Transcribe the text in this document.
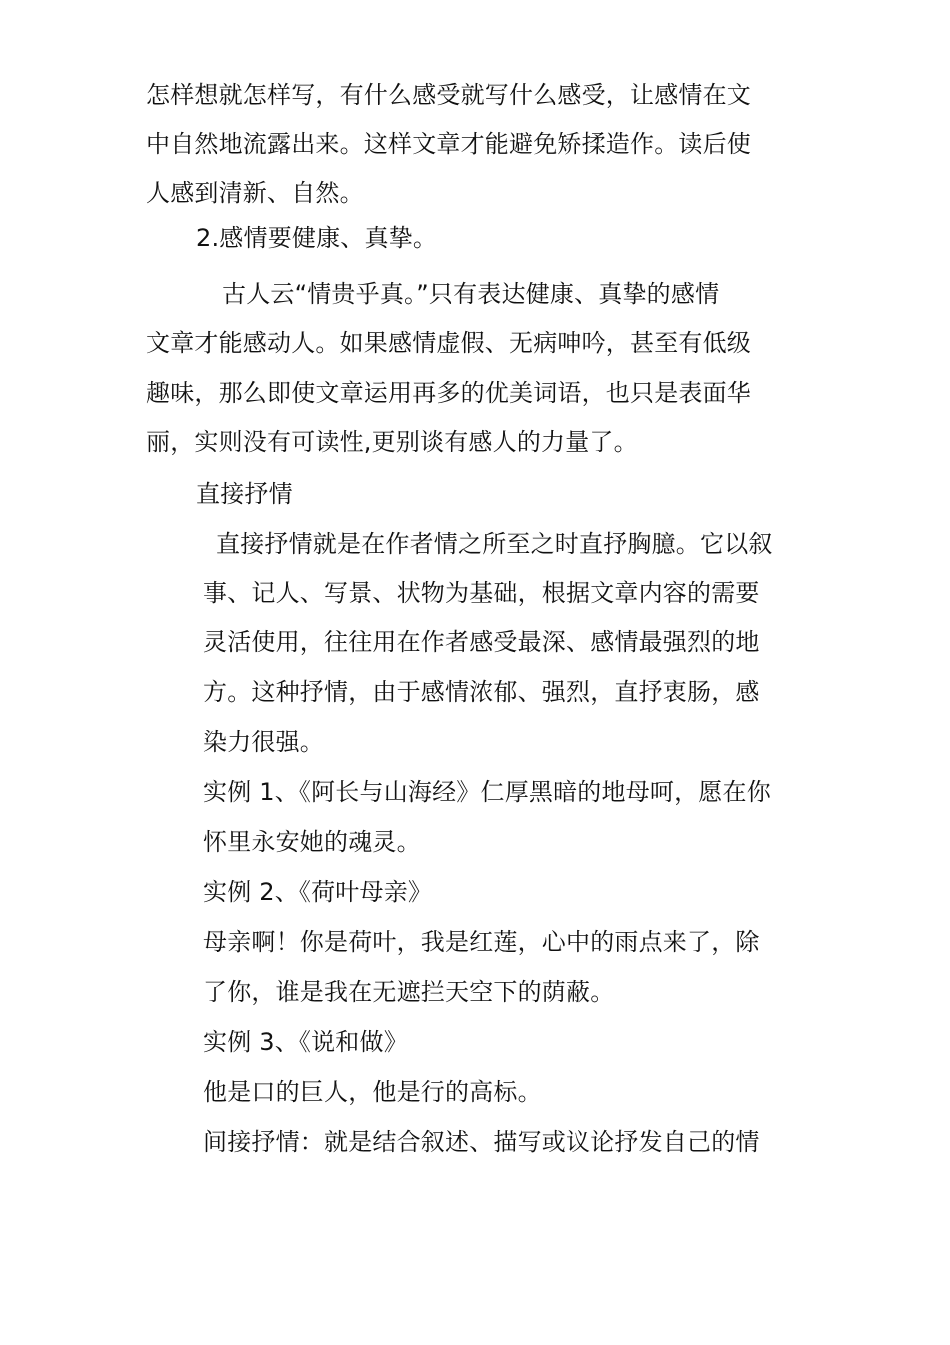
怎样想就怎样写，有什么感受就写什么感受，让感情在文
中自然地流露出来。这样文章才能避免矫揉造作。读后使
人感到清新、自然。
2.感情要健康、真挚。
古人云“情贵乎真。”只有表达健康、真挚的感情
文章才能感动人。如果感情虚假、无病呻吟，甚至有低级
趣味，那么即使文章运用再多的优美词语，也只是表面华
丽，实则没有可读性,更别谈有感人的力量了。
直接抒情
直接抒情就是在作者情之所至之时直抒胸臆。它以叙
事、记人、写景、状物为基础，根据文章内容的需要
灵活使用，往往用在作者感受最深、感情最强烈的地
方。这种抒情，由于感情浓郁、强烈，直抒衷肠，感
染力很强。
实例 1、《阿长与山海经》仁厚黑暗的地母呵，愿在你
怀里永安她的魂灵。
实例 2、《荷叶母亲》
母亲啊！你是荷叶，我是红莲，心中的雨点来了，除
了你，谁是我在无遮拦天空下的荫蔽。
实例 3、《说和做》
他是口的巨人，他是行的高标。
间接抒情：就是结合叙述、描写或议论抒发自己的情
